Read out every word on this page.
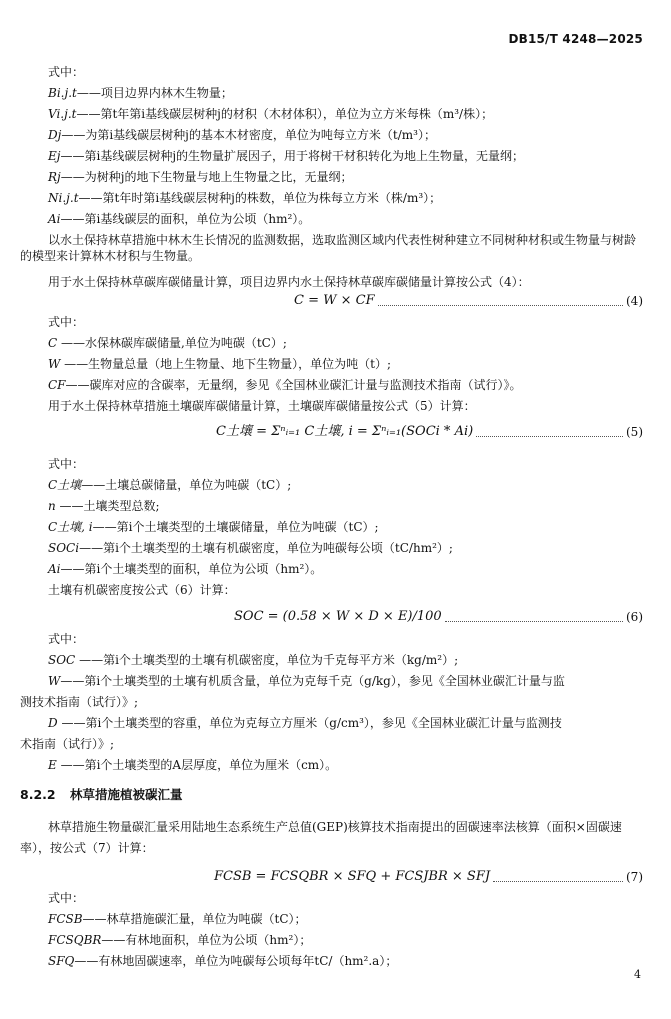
DB15/T 4248—2025
式中：
Bi.j.t——项目边界内林木生物量；
Vi.j.t——第t年第i基线碳层树种j的材积（木材体积），单位为立方米每株（m³/株）；
Dj——为第i基线碳层树种j的基本木材密度，单位为吨每立方米（t/m³）；
Ej——第i基线碳层树种j的生物量扩展因子，用于将树干材积转化为地上生物量，无量纲；
Rj——为树种j的地下生物量与地上生物量之比，无量纲；
Ni.j.t——第t年时第i基线碳层树种j的株数，单位为株每立方米（株/m³）；
Ai——第i基线碳层的面积，单位为公顷（hm²）。
以水土保持林草措施中林木生长情况的监测数据，选取监测区域内代表性树种建立不同树种材积或生物量与树龄的模型来计算林木材积与生物量。
用于水土保持林草碳库碳储量计算，项目边界内水土保持林草碳库碳储量计算按公式（4）：
C = W × CF	(4)
式中：
C ——水保林碳库碳储量,单位为吨碳（tC）;
W ——生物量总量（地上生物量、地下生物量），单位为吨（t）;
CF——碳库对应的含碳率，无量纲，参见《全国林业碳汇计量与监测技术指南（试行）》。
用于水土保持林草措施土壤碳库碳储量计算，土壤碳库碳储量按公式（5）计算：
C土壤 = Σⁿᵢ₌₁ C土壤, i = Σⁿᵢ₌₁(SOCi * Ai)	(5)
式中：
C土壤——土壤总碳储量，单位为吨碳（tC）;
n ——土壤类型总数;
C土壤, i——第i个土壤类型的土壤碳储量，单位为吨碳（tC）;
SOCi——第i个土壤类型的土壤有机碳密度，单位为吨碳每公顷（tC/hm²）;
Ai——第i个土壤类型的面积，单位为公顷（hm²）。
土壤有机碳密度按公式（6）计算：
SOC = (0.58 × W × D × E)/100	(6)
式中：
SOC ——第i个土壤类型的土壤有机碳密度，单位为千克每平方米（kg/m²）;
W——第i个土壤类型的土壤有机质含量，单位为克每千克（g/kg），参见《全国林业碳汇计量与监
测技术指南（试行）》;
D ——第i个土壤类型的容重，单位为克每立方厘米（g/cm³），参见《全国林业碳汇计量与监测技
术指南（试行）》;
E ——第i个土壤类型的A层厚度，单位为厘米（cm）。
8.2.2 林草措施植被碳汇量
林草措施生物量碳汇量采用陆地生态系统生产总值(GEP)核算技术指南提出的固碳速率法核算（面积×固碳速率），按公式（7）计算：
FCSB = FCSQBR × SFQ + FCSJBR × SFJ	(7)
式中：
FCSB——林草措施碳汇量，单位为吨碳（tC）；
FCSQBR——有林地面积，单位为公顷（hm²）；
SFQ——有林地固碳速率，单位为吨碳每公顷每年tC/（hm².a）；
4
